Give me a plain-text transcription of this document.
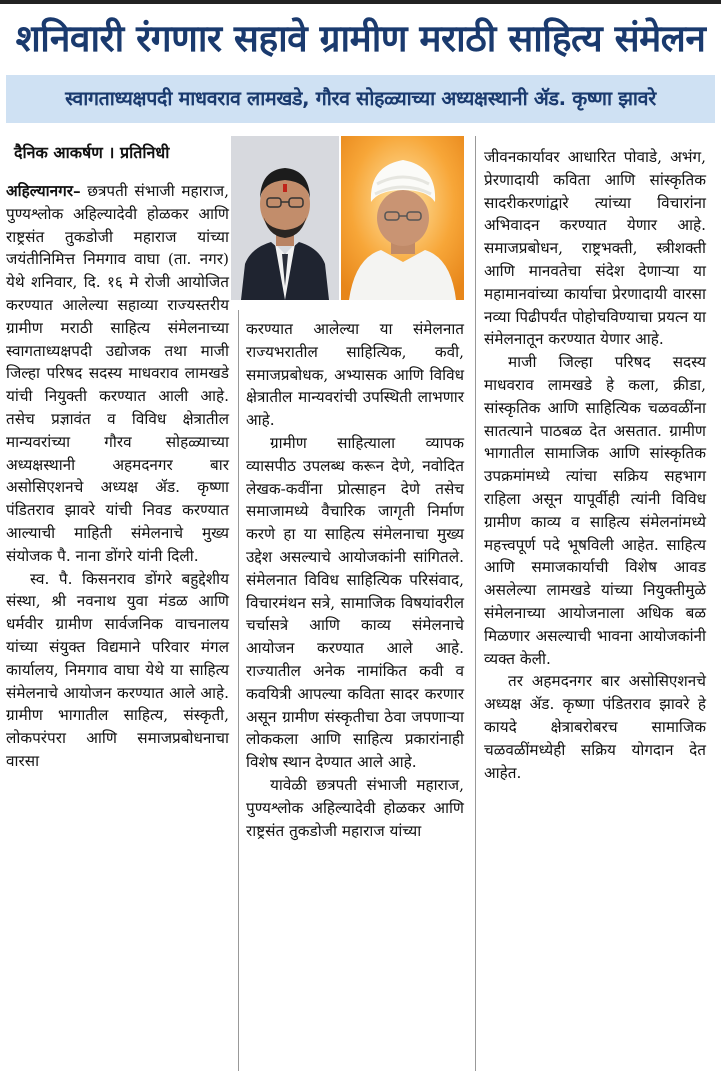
शनिवारी रंगणार सहावे ग्रामीण मराठी साहित्य संमेलन
स्वागताध्यक्षपदी माधवराव लामखडे, गौरव सोहळ्याच्या अध्यक्षस्थानी ॲड. कृष्णा झावरे
दैनिक आकर्षण । प्रतिनिधी

अहिल्यानगर– छत्रपती संभाजी महाराज, पुण्यश्लोक अहिल्यादेवी होळकर आणि राष्ट्रसंत तुकडोजी महाराज यांच्या जयंतीनिमित्त निमगाव वाघा (ता. नगर) येथे शनिवार, दि. १६ मे रोजी आयोजित करण्यात आलेल्या सहाव्या राज्यस्तरीय ग्रामीण मराठी साहित्य संमेलनाच्या स्वागताध्यक्षपदी उद्योजक तथा माजी जिल्हा परिषद सदस्य माधवराव लामखडे यांची नियुक्ती करण्यात आली आहे. तसेच प्रज्ञावंत व विविध क्षेत्रातील मान्यवरांच्या गौरव सोहळ्याच्या अध्यक्षस्थानी अहमदनगर बार असोसिएशनचे अध्यक्ष ॲड. कृष्णा पंडितराव झावरे यांची निवड करण्यात आल्याची माहिती संमेलनाचे मुख्य संयोजक पै. नाना डोंगरे यांनी दिली.

स्व. पै. किसनराव डोंगरे बहुद्देशीय संस्था, श्री नवनाथ युवा मंडळ आणि धर्मवीर ग्रामीण सार्वजनिक वाचनालय यांच्या संयुक्त विद्यमाने परिवार मंगल कार्यालय, निमगाव वाघा येथे या साहित्य संमेलनाचे आयोजन करण्यात आले आहे. ग्रामीण भागातील साहित्य, संस्कृती, लोकपरंपरा आणि समाजप्रबोधनाचा वारसा

करण्यात आलेल्या या संमेलनात राज्यभरातील साहित्यिक, कवी, समाजप्रबोधक, अभ्यासक आणि विविध क्षेत्रातील मान्यवरांची उपस्थिती लाभणार आहे.

ग्रामीण साहित्याला व्यापक व्यासपीठ उपलब्ध करून देणे, नवोदित लेखक-कवींना प्रोत्साहन देणे तसेच समाजामध्ये वैचारिक जागृती निर्माण करणे हा या साहित्य संमेलनाचा मुख्य उद्देश असल्याचे आयोजकांनी सांगितले. संमेलनात विविध साहित्यिक परिसंवाद, विचारमंथन सत्रे, सामाजिक विषयांवरील चर्चासत्रे आणि काव्य संमेलनाचे आयोजन करण्यात आले आहे. राज्यातील अनेक नामांकित कवी व कवयित्री आपल्या कविता सादर करणार असून ग्रामीण संस्कृतीचा ठेवा जपणाऱ्या लोककला आणि साहित्य प्रकारांनाही विशेष स्थान देण्यात आले आहे.

यावेळी छत्रपती संभाजी महाराज, पुण्यश्लोक अहिल्यादेवी होळकर आणि राष्ट्रसंत तुकडोजी महाराज यांच्या

जीवनकार्यावर आधारित पोवाडे, अभंग, प्रेरणादायी कविता आणि सांस्कृतिक सादरीकरणांद्वारे त्यांच्या विचारांना अभिवादन करण्यात येणार आहे. समाजप्रबोधन, राष्ट्रभक्ती, स्त्रीशक्ती आणि मानवतेचा संदेश देणाऱ्या या महामानवांच्या कार्याचा प्रेरणादायी वारसा नव्या पिढीपर्यंत पोहोचविण्याचा प्रयत्न या संमेलनातून करण्यात येणार आहे.

माजी जिल्हा परिषद सदस्य माधवराव लामखडे हे कला, क्रीडा, सांस्कृतिक आणि साहित्यिक चळवळींना सातत्याने पाठबळ देत असतात. ग्रामीण भागातील सामाजिक आणि सांस्कृतिक उपक्रमांमध्ये त्यांचा सक्रिय सहभाग राहिला असून यापूर्वीही त्यांनी विविध ग्रामीण काव्य व साहित्य संमेलनांमध्ये महत्त्वपूर्ण पदे भूषविली आहेत. साहित्य आणि समाजकार्याची विशेष आवड असलेल्या लामखडे यांच्या नियुक्तीमुळे संमेलनाच्या आयोजनाला अधिक बळ मिळणार असल्याची भावना आयोजकांनी व्यक्त केली.

तर अहमदनगर बार असोसिएशनचे अध्यक्ष ॲड. कृष्णा पंडितराव झावरे हे कायदे क्षेत्राबरोबरच सामाजिक चळवळींमध्येही सक्रिय योगदान देत आहेत.
